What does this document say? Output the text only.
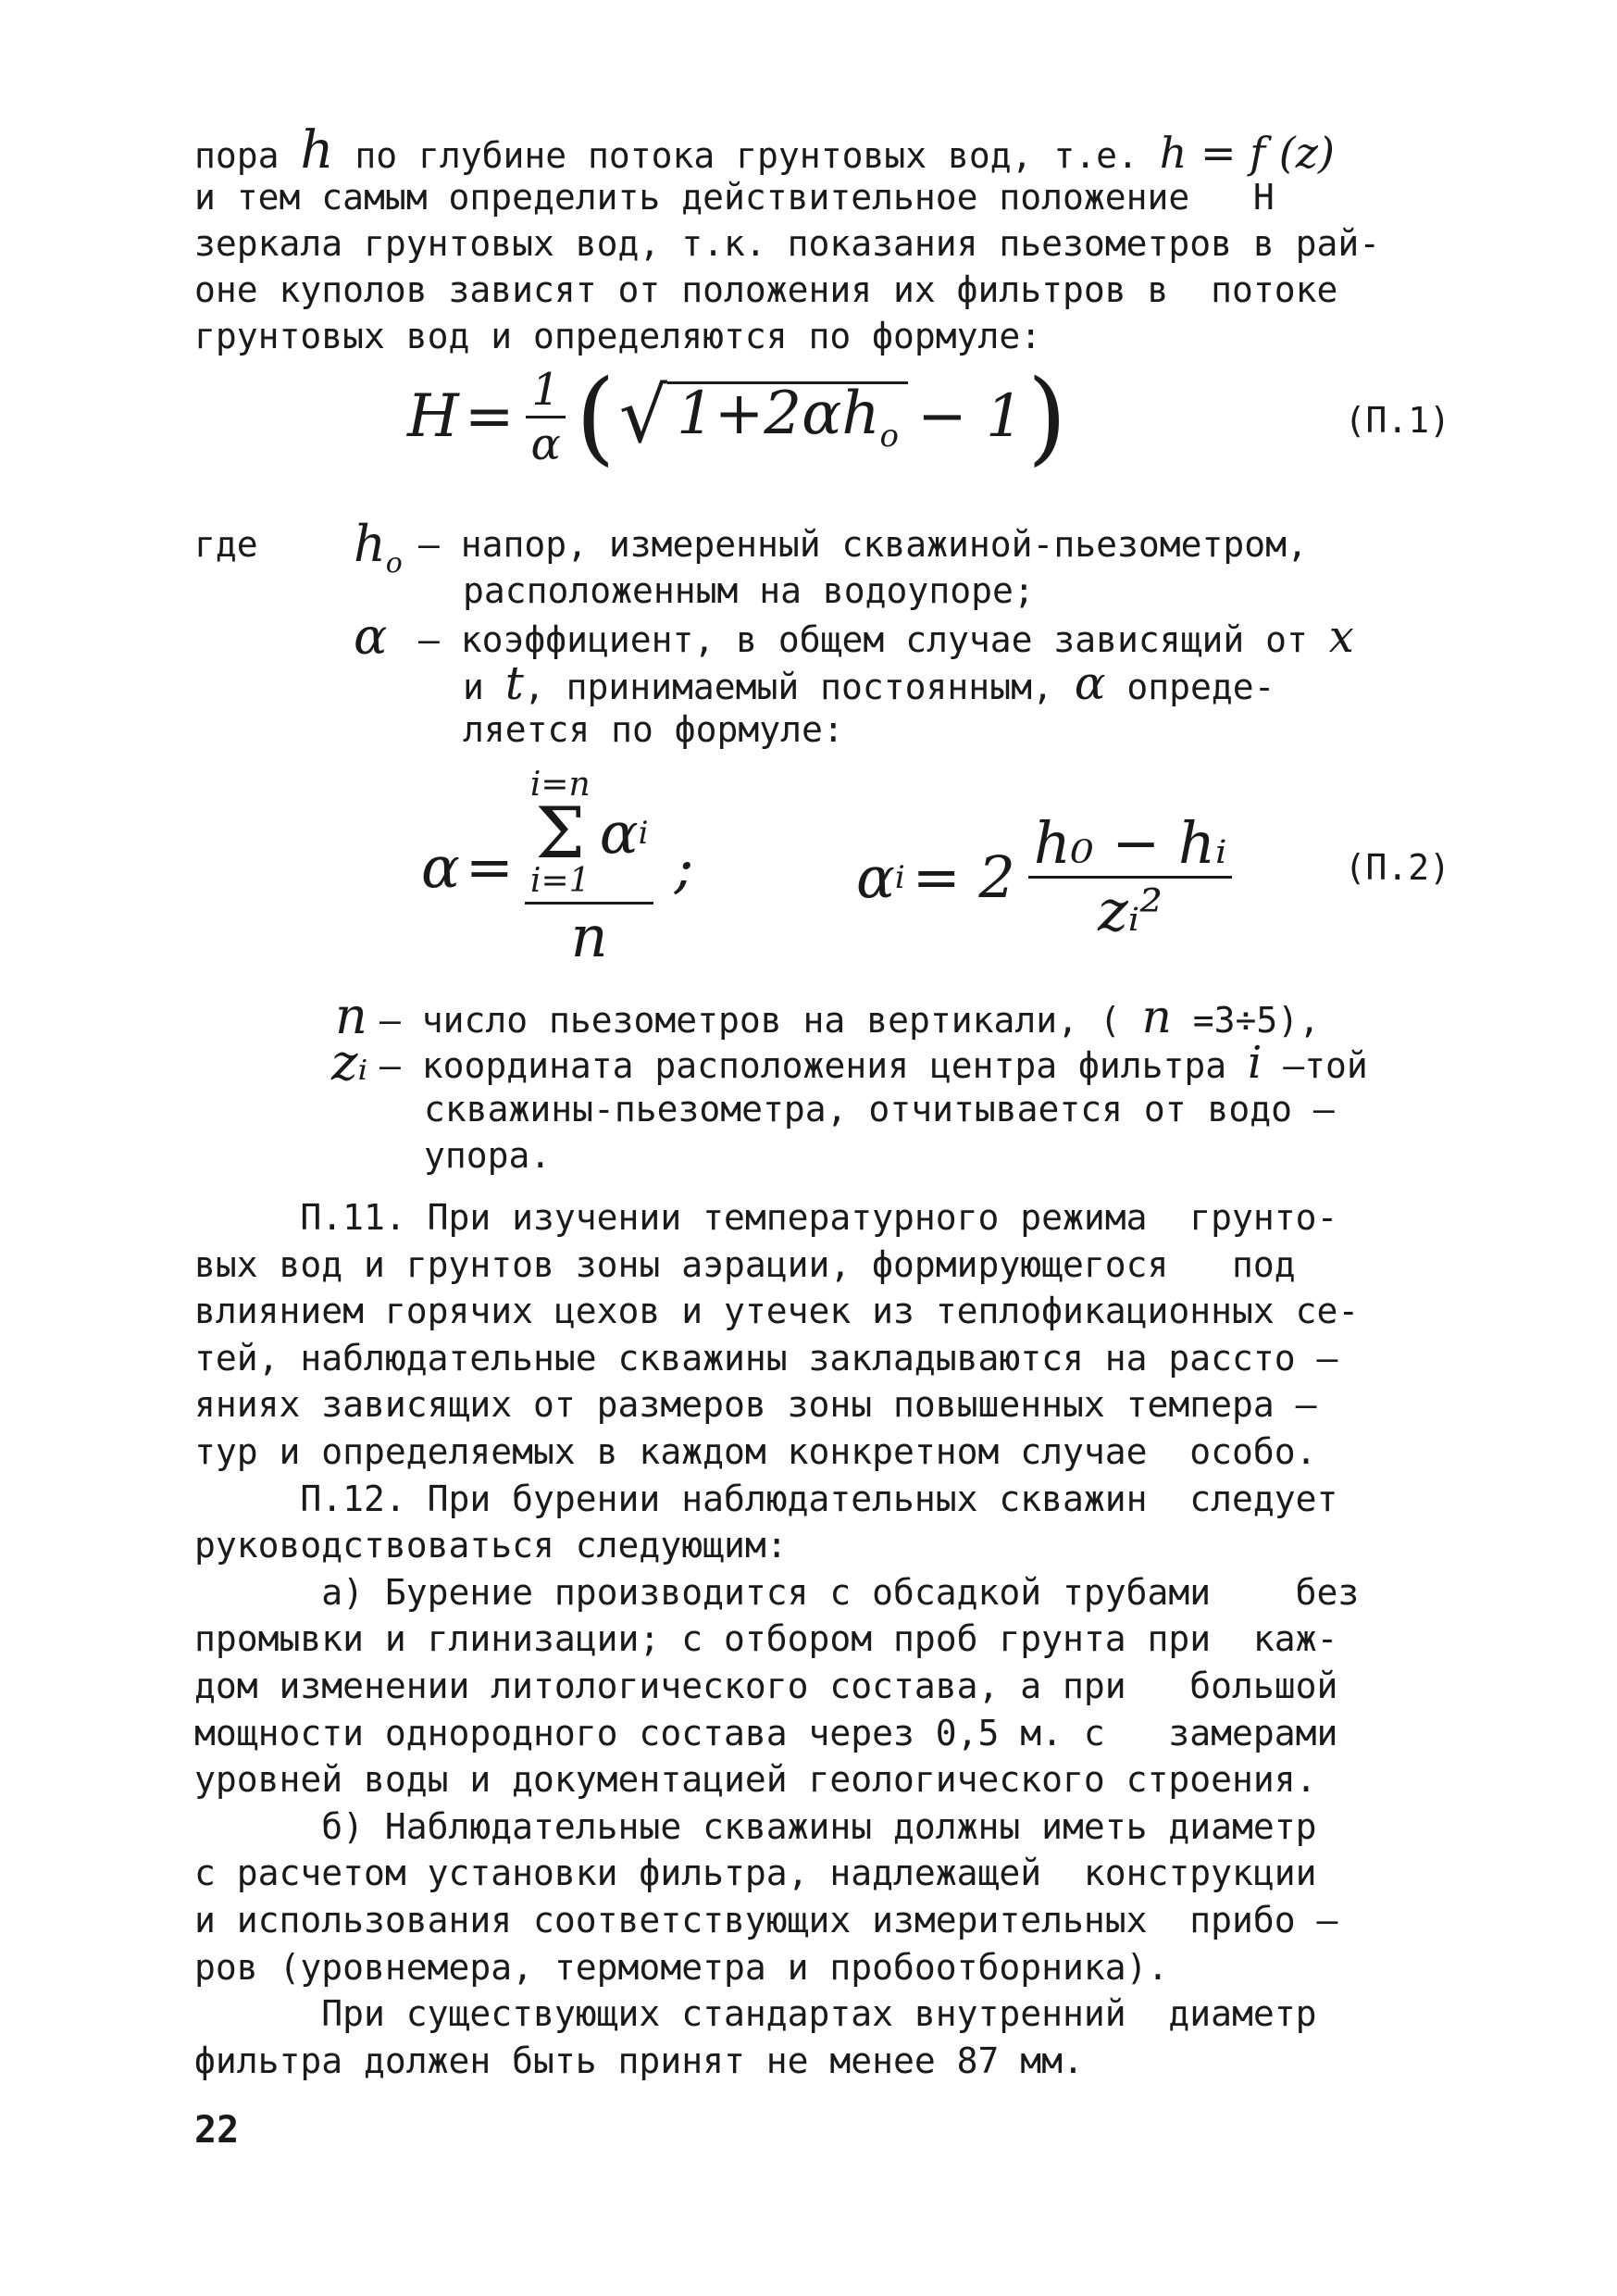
пора h по глубине потока грунтовых вод, т.е. h = f (z)
и тем самым определить действительное положение   Н
зеркала грунтовых вод, т.к. показания пьезометров в рай-
оне куполов зависят от положения их фильтров в  потоке
грунтовых вод и определяются по формуле:
$H = \frac{1}{\alpha}$ ( √ $1+2\alpha h_o - 1$ )	(П.1)
где $h_o$ – напор, измеренный скважиной-пьезометром,
расположенным на водоупоре;
α – коэффициент, в общем случае зависящий от x
и t, принимаемый постоянным, α опреде-
ляется по формуле:
α = i=n
Σ
i=1
α i
n ;	α $i = 2 \frac{\text{h₀ − hᵢ}}{\text{zᵢ²}}$	(П.2)
n – число пьезометров на вертикали, ( n =3÷5),
zᵢ – координата расположения центра фильтра i –той
скважины-пьезометра, отчитывается от водо –
упора.
П.11. При изучении температурного режима  грунто-
вых вод и грунтов зоны аэрации, формирующегося   под
влиянием горячих цехов и утечек из теплофикационных се-
тей, наблюдательные скважины закладываются на расcто –
яниях зависящих от размеров зоны повышенных темпера –
тур и определяемых в каждом конкретном случае  особо.
П.12. При бурении наблюдательных скважин  следует
руководствоваться следующим:
а) Бурение производится с обсадкой трубами    без
промывки и глинизации; с отбором проб грунта при  каж-
дом изменении литологического состава, а при   большой
мощности однородного состава через 0,5 м. с   замерами
уровней воды и документацией геологического строения.
б) Наблюдательные скважины должны иметь диаметр
с расчетом установки фильтра, надлежащей  конструкции
и использования соответствующих измерительных  прибо –
ров (уровнемера, термометра и пробоотборника).
При существующих стандартах внутренний  диаметр
фильтра должен быть принят не менее 87 мм.
22
